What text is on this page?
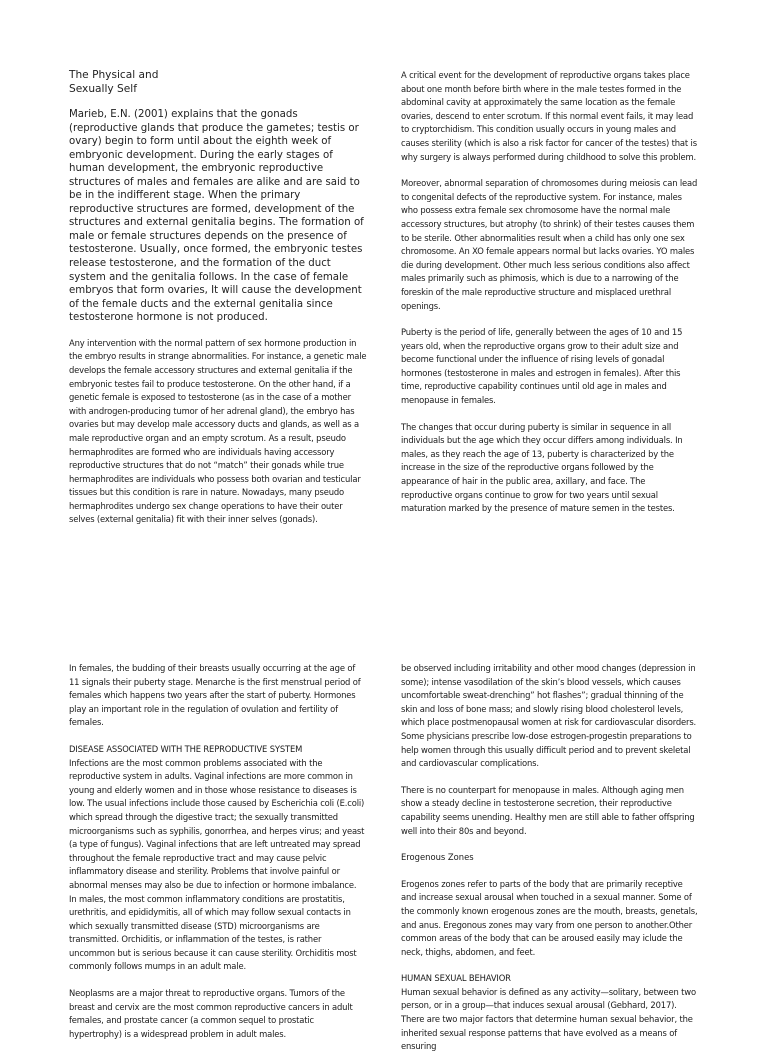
The Physical and
Sexually Self

Marieb, E.N. (2001) explains that the gonads (reproductive glands that produce the gametes; testis or ovary) begin to form until about the eighth week of embryonic development. During the early stages of human development, the embryonic reproductive structures of males and females are alike and are said to be in the indifferent stage. When the primary reproductive structures are formed, development of the structures and external genitalia begins. The formation of male or female structures depends on the presence of testosterone. Usually, once formed, the embryonic testes release testosterone, and the formation of the duct system and the genitalia follows. In the case of female embryos that form ovaries, It will cause the development of the female ducts and the external genitalia since testosterone hormone is not produced.

Any intervention with the normal pattern of sex hormone production in the embryo results in strange abnormalities. For instance, a genetic male develops the female accessory structures and external genitalia if the embryonic testes fail to produce testosterone. On the other hand, if a genetic female is exposed to testosterone (as in the case of a mother with androgen-producing tumor of her adrenal gland), the embryo has ovaries but may develop male accessory ducts and glands, as well as a male reproductive organ and an empty scrotum. As a result, pseudo hermaphrodites are formed who are individuals having accessory reproductive structures that do not “match” their gonads while true hermaphrodites are individuals who possess both ovarian and testicular tissues but this condition is rare in nature. Nowadays, many pseudo hermaphrodites undergo sex change operations to have their outer selves (external genitalia) fit with their inner selves (gonads).

A critical event for the development of reproductive organs takes place about one month before birth where in the male testes formed in the abdominal cavity at approximately the same location as the female ovaries, descend to enter scrotum. If this normal event fails, it may lead to cryptorchidism. This condition usually occurs in young males and causes sterility (which is also a risk factor for cancer of the testes) that is why surgery is always performed during childhood to solve this problem.

Moreover, abnormal separation of chromosomes during meiosis can lead to congenital defects of the reproductive system. For instance, males who possess extra female sex chromosome have the normal male accessory structures, but atrophy (to shrink) of their testes causes them to be sterile. Other abnormalities result when a child has only one sex chromosome. An XO female appears normal but lacks ovaries. YO males die during development. Other much less serious conditions also affect males primarily such as phimosis, which is due to a narrowing of the foreskin of the male reproductive structure and misplaced urethral openings.

Puberty is the period of life, generally between the ages of 10 and 15 years old, when the reproductive organs grow to their adult size and become functional under the influence of rising levels of gonadal hormones (testosterone in males and estrogen in females). After this time, reproductive capability continues until old age in males and menopause in females.

The changes that occur during puberty is similar in sequence in all individuals but the age which they occur differs among individuals. In males, as they reach the age of 13, puberty is characterized by the increase in the size of the reproductive organs followed by the appearance of hair in the public area, axillary, and face. The reproductive organs continue to grow for two years until sexual maturation marked by the presence of mature semen in the testes.

In females, the budding of their breasts usually occurring at the age of 11 signals their puberty stage. Menarche is the first menstrual period of females which happens two years after the start of puberty. Hormones play an important role in the regulation of ovulation and fertility of females.

DISEASE ASSOCIATED WITH THE REPRODUCTIVE SYSTEM

Infections are the most common problems associated with the reproductive system in adults. Vaginal infections are more common in young and elderly women and in those whose resistance to diseases is low. The usual infections include those caused by Escherichia coli (E.coli) which spread through the digestive tract; the sexually transmitted microorganisms such as syphilis, gonorrhea, and herpes virus; and yeast (a type of fungus). Vaginal infections that are left untreated may spread throughout the female reproductive tract and may cause pelvic inflammatory disease and sterility. Problems that involve painful or abnormal menses may also be due to infection or hormone imbalance.

In males, the most common inflammatory conditions are prostatitis, urethritis, and epididymitis, all of which may follow sexual contacts in which sexually transmitted disease (STD) microorganisms are transmitted. Orchiditis, or inflammation of the testes, is rather uncommon but is serious because it can cause sterility. Orchiditis most commonly follows mumps in an adult male.

Neoplasms are a major threat to reproductive organs. Tumors of the breast and cervix are the most common reproductive cancers in adult females, and prostate cancer (a common sequel to prostatic hypertrophy) is a widespread problem in adult males.

be observed including irritability and other mood changes (depression in some); intense vasodilation of the skin’s blood vessels, which causes uncomfortable sweat-drenching” hot flashes”; gradual thinning of the skin and loss of bone mass; and slowly rising blood cholesterol levels, which place postmenopausal women at risk for cardiovascular disorders. Some physicians prescribe low-dose estrogen-progestin preparations to help women through this usually difficult period and to prevent skeletal and cardiovascular complications.

There is no counterpart for menopause in males. Although aging men show a steady decline in testosterone secretion, their reproductive capability seems unending. Healthy men are still able to father offspring well into their 80s and beyond.

Erogenous Zones

Erogenos zones refer to parts of the body that are primarily receptive and increase sexual arousal when touched in a sexual manner. Some of the commonly known erogenous zones are the mouth, breasts, genetals, and anus. Eregonous zones may vary from one person to another.Other common areas of the body that can be aroused easily may iclude the neck, thighs, abdomen, and feet.

HUMAN SEXUAL BEHAVIOR

Human sexual behavior is defined as any activity—solitary, between two person, or in a group—that induces sexual arousal (Gebhard, 2017). There are two major factors that determine human sexual behavior, the inherited sexual response patterns that have evolved as a means of ensuring
